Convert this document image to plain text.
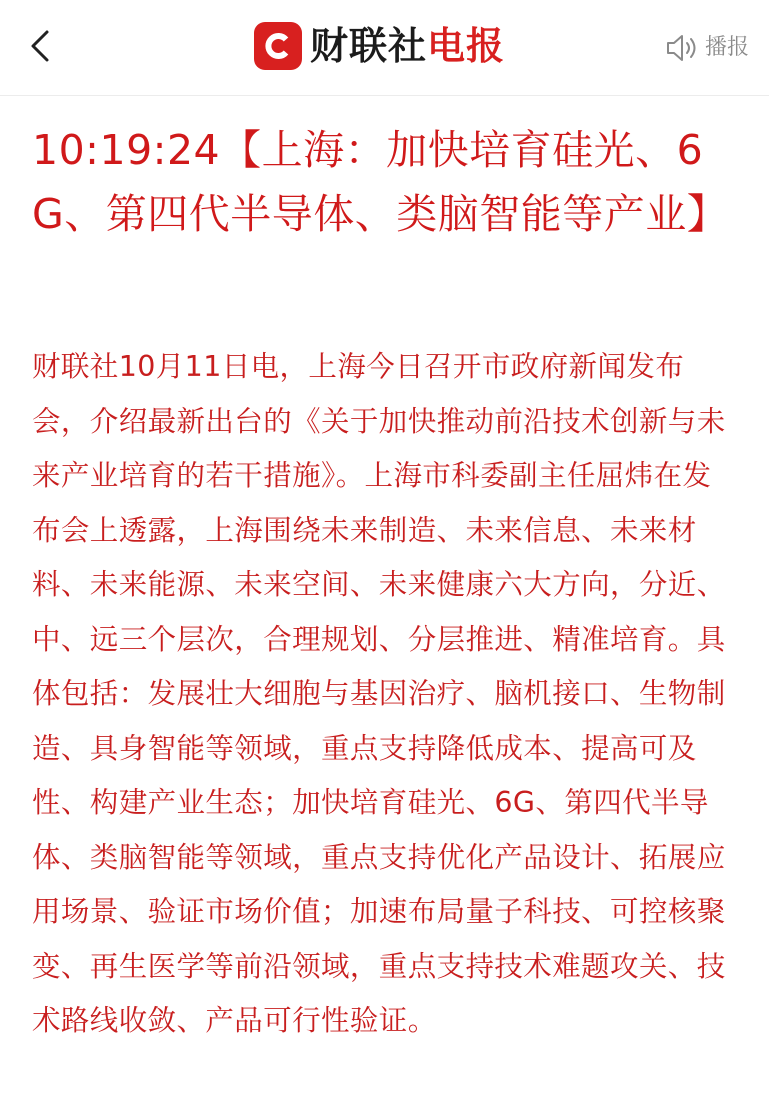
财联社电报	播报
10:19:24【上海：加快培育硅光、6G、第四代半导体、类脑智能等产业】

财联社10月11日电，上海今日召开市政府新闻发布会，介绍最新出台的《关于加快推动前沿技术创新与未来产业培育的若干措施》。上海市科委副主任屈炜在发布会上透露，上海围绕未来制造、未来信息、未来材料、未来能源、未来空间、未来健康六大方向，分近、中、远三个层次，合理规划、分层推进、精准培育。具体包括：发展壮大细胞与基因治疗、脑机接口、生物制造、具身智能等领域，重点支持降低成本、提高可及性、构建产业生态；加快培育硅光、6G、第四代半导体、类脑智能等领域，重点支持优化产品设计、拓展应用场景、验证市场价值；加速布局量子科技、可控核聚变、再生医学等前沿领域，重点支持技术难题攻关、技术路线收敛、产品可行性验证。
